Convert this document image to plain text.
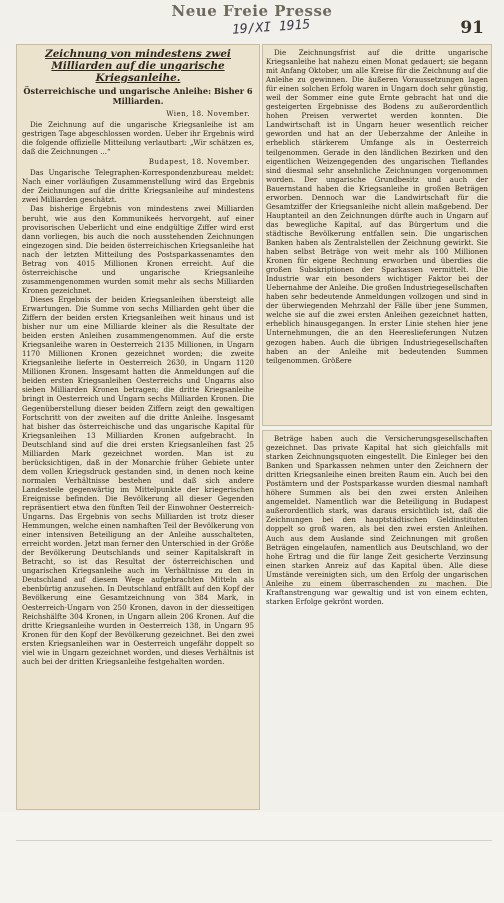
Neue Freie Presse
19/XI 1915	91
Zeichnung von mindestens zwei Milliarden auf die ungarische Kriegsanleihe.
Österreichische und ungarische Anleihe: Bisher 6 Milliarden.
Wien, 18. November.

Die Zeichnung auf die ungarische Kriegsanleihe ist am gestrigen Tage abgeschlossen worden. Ueber ihr Ergebnis wird die folgende offizielle Mitteilung verlautbart: „Wir schätzen es, daß die Zeichnungen ...“

Budapest, 18. November.

Das Ungarische Telegraphen-Korrespondenzbureau meldet: Nach einer vorläufigen Zusammenstellung wird das Ergebnis der Zeichnungen auf die dritte Kriegsanleihe auf mindestens zwei Milliarden geschätzt.

Das bisherige Ergebnis von mindestens zwei Milliarden beruht, wie aus den Kommunikeés hervorgeht, auf einer provisorischen Ueberlicht und eine endgültige Ziffer wird erst dann vorliegen, bis auch die noch ausstehenden Zeichnungen eingezogen sind. Die beiden österreichischen Kriegsanleihe hat nach der letzten Mitteilung des Postsparkassenamtes den Betrag von 4015 Millionen Kronen erreicht. Auf die österreichische und ungarische Kriegsanleihe zusammengenommen wurden somit mehr als sechs Milliarden Kronen gezeichnet.

Dieses Ergebnis der beiden Kriegsanleihen übersteigt alle Erwartungen. Die Summe von sechs Milliarden geht über die Ziffern der beiden ersten Kriegsanleihen weit hinaus und ist bisher nur um eine Milliarde kleiner als die Resultate der beiden ersten Anleihen zusammengenommen. Auf die erste Kriegsanleihe waren in Oesterreich 2135 Millionen, in Ungarn 1170 Millionen Kronen gezeichnet worden; die zweite Kriegsanleihe lieferte in Oesterreich 2630, in Ungarn 1120 Millionen Kronen. Insgesamt hatten die Anmeldungen auf die beiden ersten Kriegsanleihen Oesterreichs und Ungarns also sieben Milliarden Kronen betragen; die dritte Kriegsanleihe bringt in Oesterreich und Ungarn sechs Milliarden Kronen. Die Gegenüberstellung dieser beiden Ziffern zeigt den gewaltigen Fortschritt von der zweiten auf die dritte Anleihe. Insgesamt hat bisher das österreichische und das ungarische Kapital für Kriegsanleihen 13 Milliarden Kronen aufgebracht. In Deutschland sind auf die drei ersten Kriegsanleihen fast 25 Milliarden Mark gezeichnet worden. Man ist zu berücksichtigen, daß in der Monarchie früher Gebiete unter dem vollen Kriegsdruck gestanden sind, in denen noch keine normalen Verhältnisse bestehen und daß sich andere Landesteile gegenwärtig im Mittelpunkte der kriegerischen Ereignisse befinden. Die Bevölkerung all dieser Gegenden repräsentiert etwa den fünften Teil der Einwohner Oesterreich-Ungarns. Das Ergebnis von sechs Milliarden ist trotz dieser Hemmungen, welche einen namhaften Teil der Bevölkerung von einer intensiven Beteiligung an der Anleihe ausschalteten, erreicht worden. Jetzt man ferner den Unterschied in der Größe der Bevölkerung Deutschlands und seiner Kapitalskraft in Betracht, so ist das Resultat der österreichischen und ungarischen Kriegsanleihe auch im Verhältnisse zu den in Deutschland auf diesem Wege aufgebrachten Mitteln als ebenbürtig anzusehen. In Deutschland entfällt auf den Kopf der Bevölkerung eine Gesamtzeichnung von 384 Mark, in Oesterreich-Ungarn von 250 Kronen, davon in der diesseitigen Reichshälfte 304 Kronen, in Ungarn allein 206 Kronen. Auf die dritte Kriegsanleihe wurden in Oesterreich 138, in Ungarn 95 Kronen für den Kopf der Bevölkerung gezeichnet. Bei den zwei ersten Kriegsanleihen war in Oesterreich ungefähr doppelt so viel wie in Ungarn gezeichnet worden, und dieses Verhältnis ist auch bei der dritten Kriegsanleihe festgehalten worden.

Die Zeichnungsfrist auf die dritte ungarische Kriegsanleihe hat nahezu einen Monat gedauert; sie begann mit Anfang Oktober, um alle Kreise für die Zeichnung auf die Anleihe zu gewinnen. Die äußeren Voraussetzungen lagen für einen solchen Erfolg waren in Ungarn doch sehr günstig, weil der Sommer eine gute Ernte gebracht hat und die gesteigerten Ergebnisse des Bodens zu außerordentlich hohen Preisen verwertet werden konnten. Die Landwirtschaft ist in Ungarn heuer wesentlich reicher geworden und hat an der Ueberzahme der Anleihe in erheblich stärkerem Umfange als in Oesterreich teilgenommen. Gerade in den ländlichen Bezirken und den eigentlichen Weizengegenden des ungarischen Tieflandes sind diesmal sehr ansehnliche Zeichnungen vorgenommen worden. Der ungarische Grundbesitz und auch der Bauernstand haben die Kriegsanleihe in großen Beträgen erworben. Dennoch war die Landwirtschaft für die Gesamtziffer der Kriegsanleihe nicht allein maßgebend. Der Hauptanteil an den Zeichnungen dürfte auch in Ungarn auf das bewegliche Kapital, auf das Bürgertum und die städtische Bevölkerung entfallen sein. Die ungarischen Banken haben als Zentralstellen der Zeichnung gewirkt. Sie haben selbst Beträge von weit mehr als 100 Millionen Kronen für eigene Rechnung erworben und überdies die großen Subskriptionen der Sparkassen vermittelt. Die Industrie war ein besonders wichtiger Faktor bei der Uebernahme der Anleihe. Die großen Industriegesellschaften haben sehr bedeutende Anmeldungen vollzogen und sind in der überwiegenden Mehrzahl der Fälle über jene Summen, welche sie auf die zwei ersten Anleihen gezeichnet hatten, erheblich hinausgegangen. In erster Linie stehen hier jene Unternehmungen, die an den Heereslieferungen Nutzen gezogen haben. Auch die übrigen Industriegesellschaften haben an der Anleihe mit bedeutenden Summen teilgenommen. Größere

Beträge haben auch die Versicherungsgesellschaften gezeichnet. Das private Kapital hat sich gleichfalls mit starken Zeichnungsquoten eingestellt. Die Einleger bei den Banken und Sparkassen nehmen unter den Zeichnern der dritten Kriegsanleihe einen breiten Raum ein. Auch bei den Postämtern und der Postsparkasse wurden diesmal namhaft höhere Summen als bei den zwei ersten Anleihen angemeldet. Namentlich war die Beteiligung in Budapest außerordentlich stark, was daraus ersichtlich ist, daß die Zeichnungen bei den hauptstädtischen Geldinstituten doppelt so groß waren, als bei den zwei ersten Anleihen. Auch aus dem Auslande sind Zeichnungen mit großen Beträgen eingelaufen, namentlich aus Deutschland, wo der hohe Ertrag und die für lange Zeit gesicherte Verzinsung einen starken Anreiz auf das Kapital üben. Alle diese Umstände vereinigten sich, um den Erfolg der ungarischen Anleihe zu einem überraschenden zu machen. Die Kraftanstrengung war gewaltig und ist von einem echten, starken Erfolge gekrönt worden.
